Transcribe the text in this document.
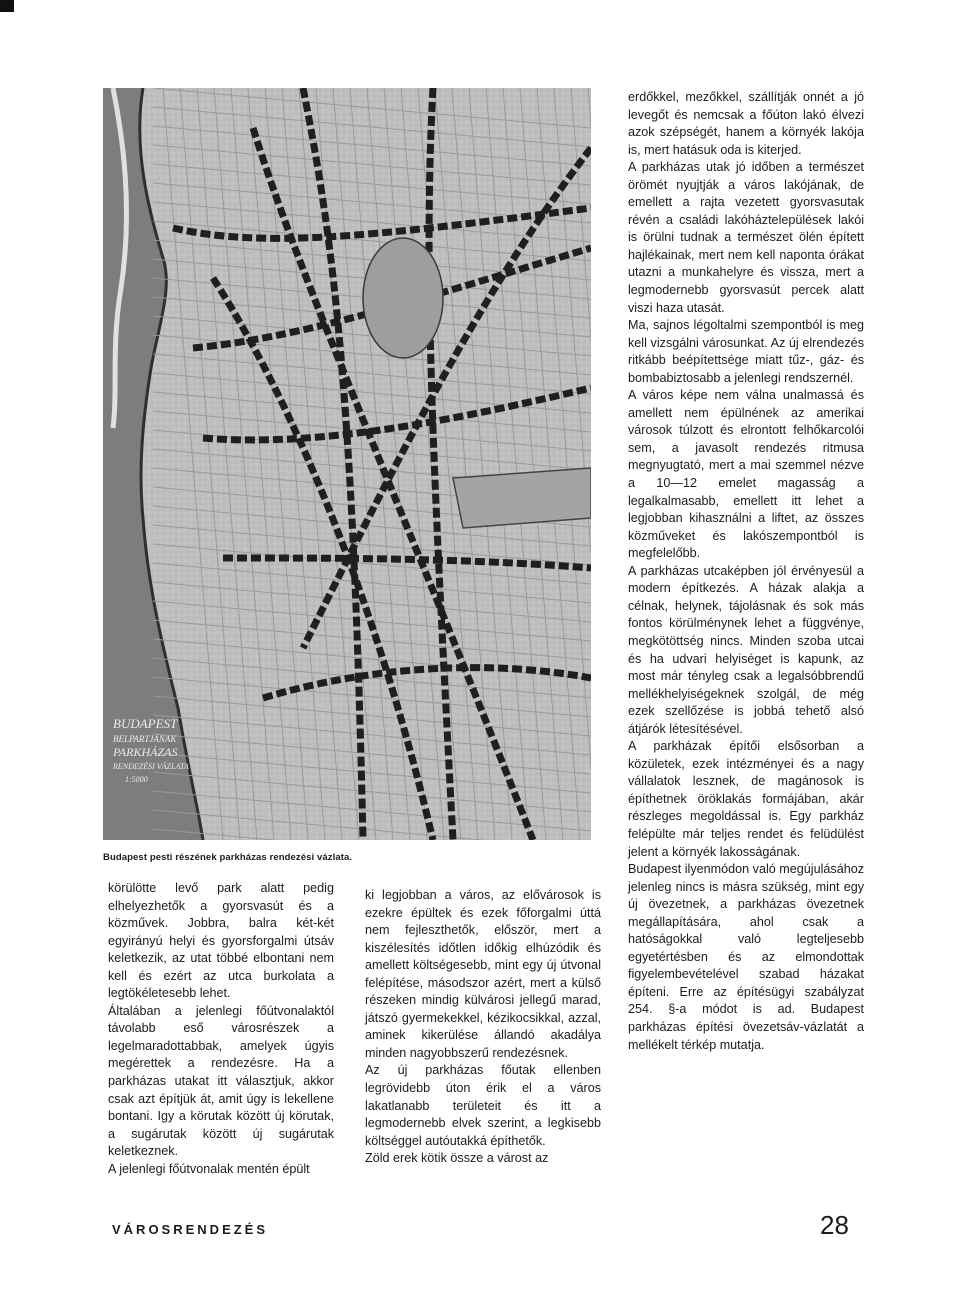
BUDAPEST
BELPARTJÁNAK
PARKHÁZAS
RENDEZÉSI VÁZLATA
1:5000
Budapest pesti részének parkházas rendezési vázlata.

körülötte levő park alatt pedig elhelyezhetők a gyorsvasút és a közművek. Jobbra, balra két-két egyirányú helyi és gyorsforgalmi útsáv keletkezik, az utat többé elbontani nem kell és ezért az utca burkolata a legtökéletesebb lehet.

Általában a jelenlegi főútvonalaktól távolabb eső városrészek a legelmaradottabbak, amelyek úgyis megérettek a rendezésre. Ha a parkházas utakat itt választjuk, akkor csak azt építjük át, amit úgy is lekellene bontani. Igy a körutak között új körutak, a sugárutak között új sugárutak keletkeznek.

A jelenlegi főútvonalak mentén épült

ki legjobban a város, az elővárosok is ezekre épültek és ezek főforgalmi úttá nem fejleszthetők, először, mert a kiszélesítés időtlen időkig elhúzódik és amellett költségesebb, mint egy új útvonal felépítése, másodszor azért, mert a külső részeken mindig külvárosi jellegű marad, játszó gyermekekkel, kézikocsikkal, azzal, aminek kikerülése állandó akadálya minden nagyobbszerű rendezésnek.

Az új parkházas főutak ellenben legrövidebb úton érik el a város lakatlanabb területeit és itt a legmodernebb elvek szerint, a legkisebb költséggel autóutakká építhetők.

Zöld erek kötik össze a várost az

erdőkkel, mezőkkel, szállítják onnét a jó levegőt és nemcsak a főúton lakó élvezi azok szépségét, hanem a környék lakója is, mert hatásuk oda is kiterjed.

A parkházas utak jó időben a természet örömét nyujtják a város lakójának, de emellett a rajta vezetett gyorsvasutak révén a családi lakóháztelepülések lakói is örülni tudnak a természet ölén épített hajlékainak, mert nem kell naponta órákat utazni a munkahelyre és vissza, mert a legmodernebb gyorsvasút percek alatt viszi haza utasát.

Ma, sajnos légoltalmi szempontból is meg kell vizsgálni városunkat. Az új elrendezés ritkább beépítettsége miatt tűz-, gáz- és bombabiztosabb a jelenlegi rendszernél.

A város képe nem válna unalmassá és amellett nem épülnének az amerikai városok túlzott és elrontott felhőkarcolói sem, a javasolt rendezés ritmusa megnyugtató, mert a mai szemmel nézve a 10—12 emelet magasság a legalkalmasabb, emellett itt lehet a legjobban kihasználni a liftet, az összes közműveket és lakószempontból is megfelelőbb.

A parkházas utcaképben jól érvényesül a modern építkezés. A házak alakja a célnak, helynek, tájolásnak és sok más fontos körülménynek lehet a függvénye, megkötöttség nincs. Minden szoba utcai és ha udvari helyiséget is kapunk, az most már tényleg csak a legalsóbbrendű mellékhelyiségeknek szolgál, de még ezek szellőzése is jobbá tehető alsó átjárók létesítésével.

A parkházak építői elsősorban a közületek, ezek intézményei és a nagy vállalatok lesznek, de magánosok is építhetnek öröklakás formájában, akár részleges megoldással is. Egy parkház felépülte már teljes rendet és felüdülést jelent a környék lakosságának.

Budapest ilyenmódon való megújulásához jelenleg nincs is másra szükség, mint egy új övezetnek, a parkházas övezetnek megállapítására, ahol csak a hatóságokkal való legteljesebb egyetértésben és az elmondottak figyelembevételével szabad házakat építeni. Erre az építésügyi szabályzat 254. §-a módot is ad. Budapest parkházas építési övezetsáv-vázlatát a mellékelt térkép mutatja.

VÁROSRENDEZÉS	28
